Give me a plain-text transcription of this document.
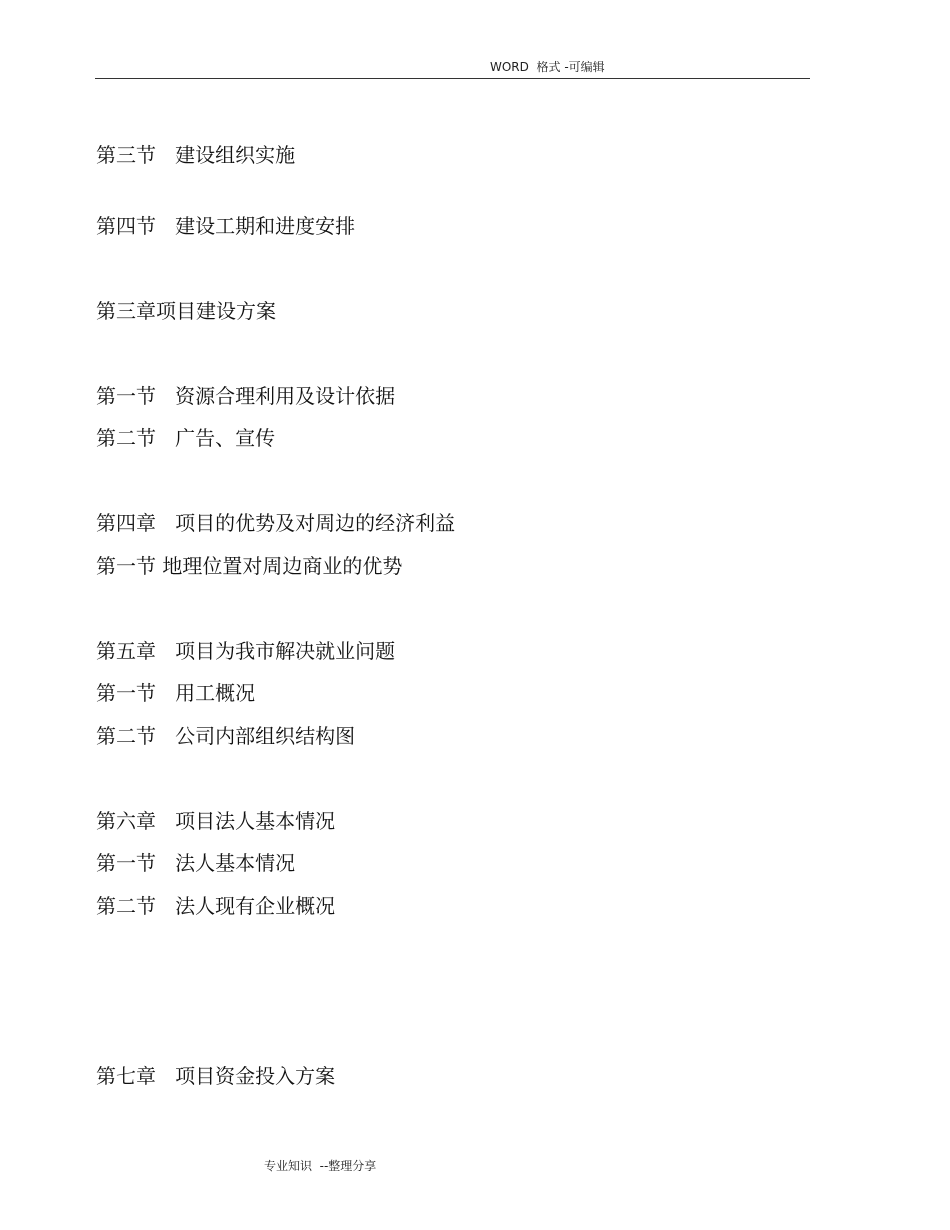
WORD  格式 -可编辑
第三节   建设组织实施
第四节   建设工期和进度安排
第三章项目建设方案
第一节   资源合理利用及设计依据
第二节   广告、宣传
第四章   项目的优势及对周边的经济利益
第一节 地理位置对周边商业的优势
第五章   项目为我市解决就业问题
第一节   用工概况
第二节   公司内部组织结构图
第六章   项目法人基本情况
第一节   法人基本情况
第二节   法人现有企业概况
第七章   项目资金投入方案
专业知识  --整理分享
